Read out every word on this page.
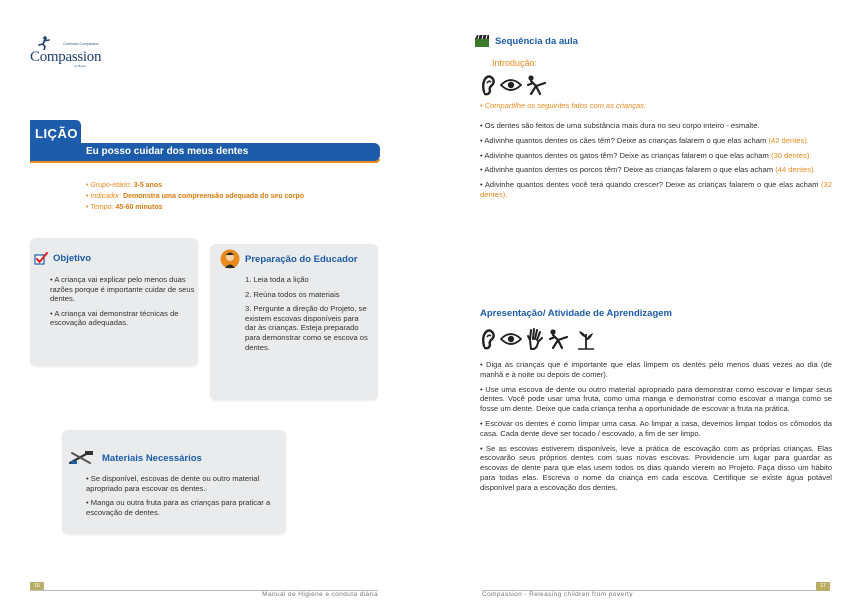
Comissão Compassion
Compassion
no Brasil
LIÇÃO
Eu posso cuidar dos meus dentes
• Grupo-etário: 3-5 anos
• Indicador: Demonstra uma compreensão adequada do seu corpo
• Tempo: 45-60 minutos
Objetivo

• A criança vai explicar pelo menos duas razões porque é importante cuidar de seus dentes.

• A criança vai demonstrar técnicas de escovação adequadas.

Preparação do Educador

1. Leia toda a lição

2. Reúna todos os materiais

3. Pergunte a direção do Projeto, se existem escovas disponíveis para dar às crianças. Esteja preparado para demonstrar como se escova os dentes.

Materiais Necessários

• Se disponível, escovas de dente ou outro material apropriado para escovar os dentes.

• Manga ou outra fruta para as crianças para praticar a escovação de dentes.

16
Manual de Higiene e conduta diária
Sequência da aula
Introdução:
• Compartilhe os seguintes fatos com as crianças:

• Os dentes são feitos de uma substância mais dura no seu corpo inteiro - esmalte.

• Adivinhe quantos dentes os cães têm? Deixe as crianças falarem o que elas acham (42 dentes).

• Adivinhe quantos dentes os gatos têm? Deixe as crianças falarem o que elas acham (30 dentes).

• Adivinhe quantos dentes os porcos têm? Deixe as crianças falarem o que elas acham (44 dentes).

• Adivinhe quantos dentes você terá quando crescer? Deixe as crianças falarem o que elas acham (32 dentes).

Apresentação/ Atividade de Aprendizagem

• Diga às crianças que é importante que elas limpem os dentes pelo menos duas vezes ao dia (de manhã e à noite ou depois de comer).

• Use uma escova de dente ou outro material apropriado para demonstrar como escovar e limpar seus dentes. Você pode usar uma fruta, como uma manga e demonstrar como escovar a manga como se fosse um dente. Deixe que cada criança tenha a oportunidade de escovar a fruta na prática.

• Escovar os dentes é como limpar uma casa. Ao limpar a casa, devemos limpar todos os cômodos da casa. Cada dente deve ser tocado / escovado, a fim de ser limpo.

• Se as escovas estiverem disponíveis, leve a prática de escovação com as próprias crianças. Elas escovarão seus próprios dentes com suas novas escovas. Providencie um lugar para guardar as escovas de dente para que elas usem todos os dias quando vierem ao Projeto. Faça disso um hábito para todas elas. Escreva o nome da criança em cada escova. Certifique se existe água potável disponível para a escovação dos dentes.

Compassion - Releasing children from poverty
17
